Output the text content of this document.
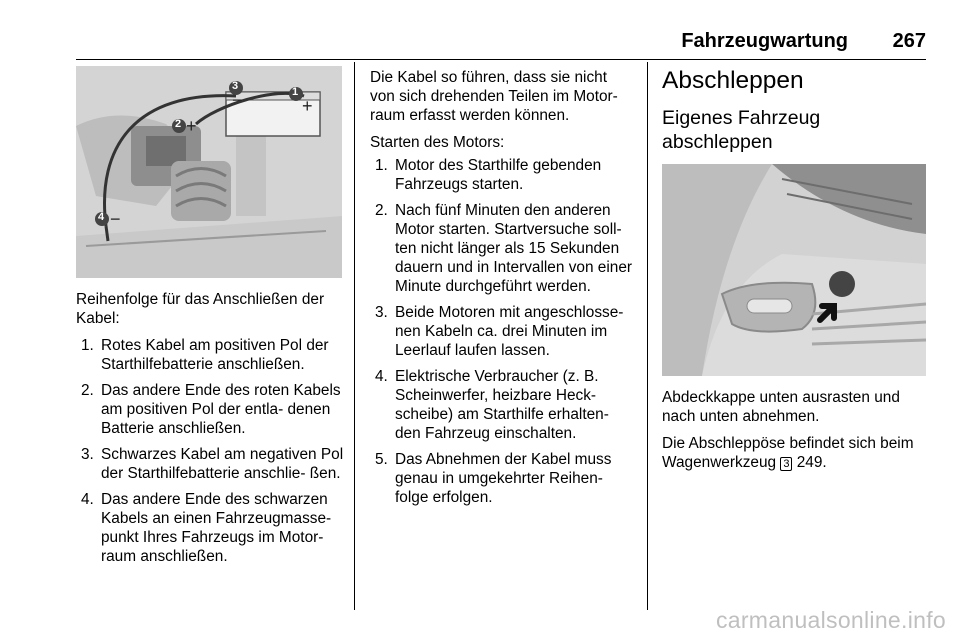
Fahrzeugwartung 267
1
3
2
4
+
+
−
−

Reihenfolge für das Anschließen der Kabel:

1. Rotes Kabel am positiven Pol der Starthilfebatterie anschließen.
2. Das andere Ende des roten Kabels am positiven Pol der entla‑ denen Batterie anschließen.
3. Schwarzes Kabel am negativen Pol der Starthilfebatterie anschlie‑ ßen.
4. Das andere Ende des schwarzen Kabels an einen Fahrzeugmasse‑ punkt Ihres Fahrzeugs im Motor‑ raum anschließen.

Die Kabel so führen, dass sie nicht von sich drehenden Teilen im Motor‑ raum erfasst werden können.

Starten des Motors:

1. Motor des Starthilfe gebenden Fahrzeugs starten.
2. Nach fünf Minuten den anderen Motor starten. Startversuche soll‑ ten nicht länger als 15 Sekunden dauern und in Intervallen von einer Minute durchgeführt werden.
3. Beide Motoren mit angeschlosse‑ nen Kabeln ca. drei Minuten im Leerlauf laufen lassen.
4. Elektrische Verbraucher (z. B. Scheinwerfer, heizbare Heck‑ scheibe) am Starthilfe erhalten‑ den Fahrzeug einschalten.
5. Das Abnehmen der Kabel muss genau in umgekehrter Reihen‑ folge erfolgen.
Abschleppen
Eigenes Fahrzeug abschleppen

Abdeckkappe unten ausrasten und nach unten abnehmen.

Die Abschleppöse befindet sich beim Wagenwerkzeug 3 249.

carmanualsonline.info
